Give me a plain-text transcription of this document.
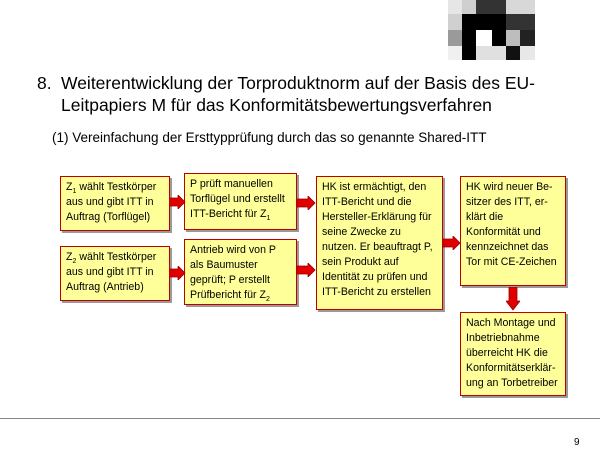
8. Weiterentwicklung der Torproduktnorm auf der Basis des EU-
Leitpapiers M für das Konformitätsbewertungsverfahren
(1) Vereinfachung der Ersttypprüfung durch das so genannte Shared-ITT
$Z_1$ wählt Testkörper aus und gibt ITT in Auftrag (Torflügel)
$Z_2$ wählt Testkörper aus und gibt ITT in Auftrag (Antrieb)
P prüft manuellen Torflügel und erstellt ITT-Bericht für $Z_1$
Antrieb wird von P als Baumuster geprüft; P erstellt Prüfbericht für $Z_2$
HK ist ermächtigt, den ITT-Bericht und die Hersteller-Erklärung für seine Zwecke zu nutzen. Er beauftragt P, sein Produkt auf Identität zu prüfen und ITT-Bericht zu erstellen
HK wird neuer Be-sitzer des ITT, er-klärt die Konformität und kennzeichnet das Tor mit CE-Zeichen
Nach Montage und Inbetriebnahme überreicht HK die Konformitätserklär-ung an Torbetreiber
9
